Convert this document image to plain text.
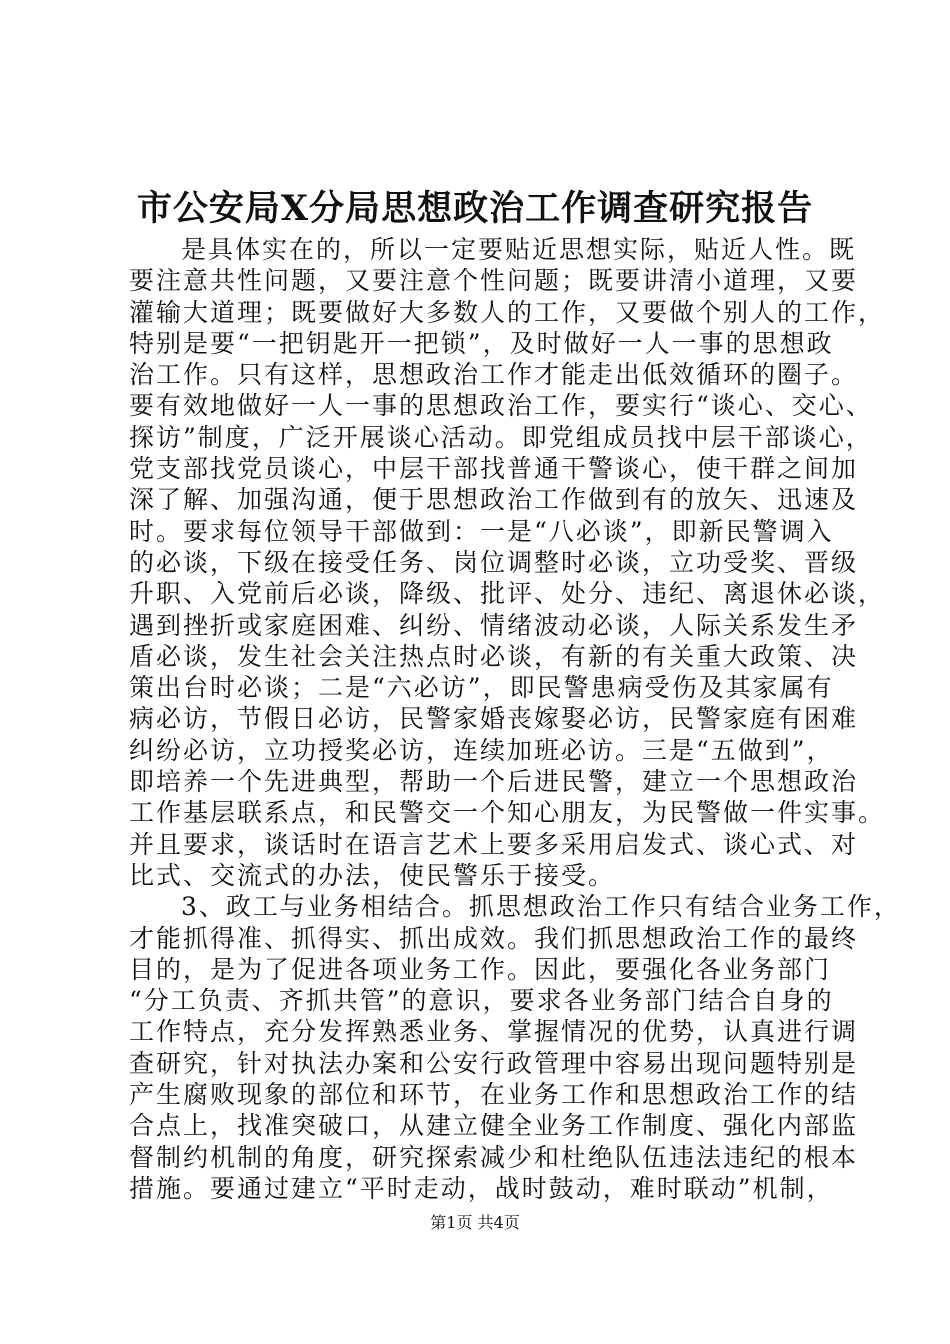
市公安局X分局思想政治工作调查研究报告
是具体实在的，所以一定要贴近思想实际，贴近人性。既
要注意共性问题，又要注意个性问题；既要讲清小道理，又要
灌输大道理；既要做好大多数人的工作，又要做个别人的工作，
特别是要“一把钥匙开一把锁”，及时做好一人一事的思想政
治工作。只有这样，思想政治工作才能走出低效循环的圈子。
要有效地做好一人一事的思想政治工作，要实行“谈心、交心、
探访”制度，广泛开展谈心活动。即党组成员找中层干部谈心，
党支部找党员谈心，中层干部找普通干警谈心，使干群之间加
深了解、加强沟通，便于思想政治工作做到有的放矢、迅速及
时。要求每位领导干部做到：一是“八必谈”，即新民警调入
的必谈，下级在接受任务、岗位调整时必谈，立功受奖、晋级
升职、入党前后必谈，降级、批评、处分、违纪、离退休必谈，
遇到挫折或家庭困难、纠纷、情绪波动必谈，人际关系发生矛
盾必谈，发生社会关注热点时必谈，有新的有关重大政策、决
策出台时必谈；二是“六必访”，即民警患病受伤及其家属有
病必访，节假日必访，民警家婚丧嫁娶必访，民警家庭有困难
纠纷必访，立功授奖必访，连续加班必访。三是“五做到”，
即培养一个先进典型，帮助一个后进民警，建立一个思想政治
工作基层联系点，和民警交一个知心朋友，为民警做一件实事。
并且要求，谈话时在语言艺术上要多采用启发式、谈心式、对
比式、交流式的办法，使民警乐于接受。
3、政工与业务相结合。抓思想政治工作只有结合业务工作，
才能抓得准、抓得实、抓出成效。我们抓思想政治工作的最终
目的，是为了促进各项业务工作。因此，要强化各业务部门
“分工负责、齐抓共管”的意识，要求各业务部门结合自身的
工作特点，充分发挥熟悉业务、掌握情况的优势，认真进行调
查研究，针对执法办案和公安行政管理中容易出现问题特别是
产生腐败现象的部位和环节，在业务工作和思想政治工作的结
合点上，找准突破口，从建立健全业务工作制度、强化内部监
督制约机制的角度，研究探索减少和杜绝队伍违法违纪的根本
措施。要通过建立“平时走动，战时鼓动，难时联动”机制，
第1页 共4页
